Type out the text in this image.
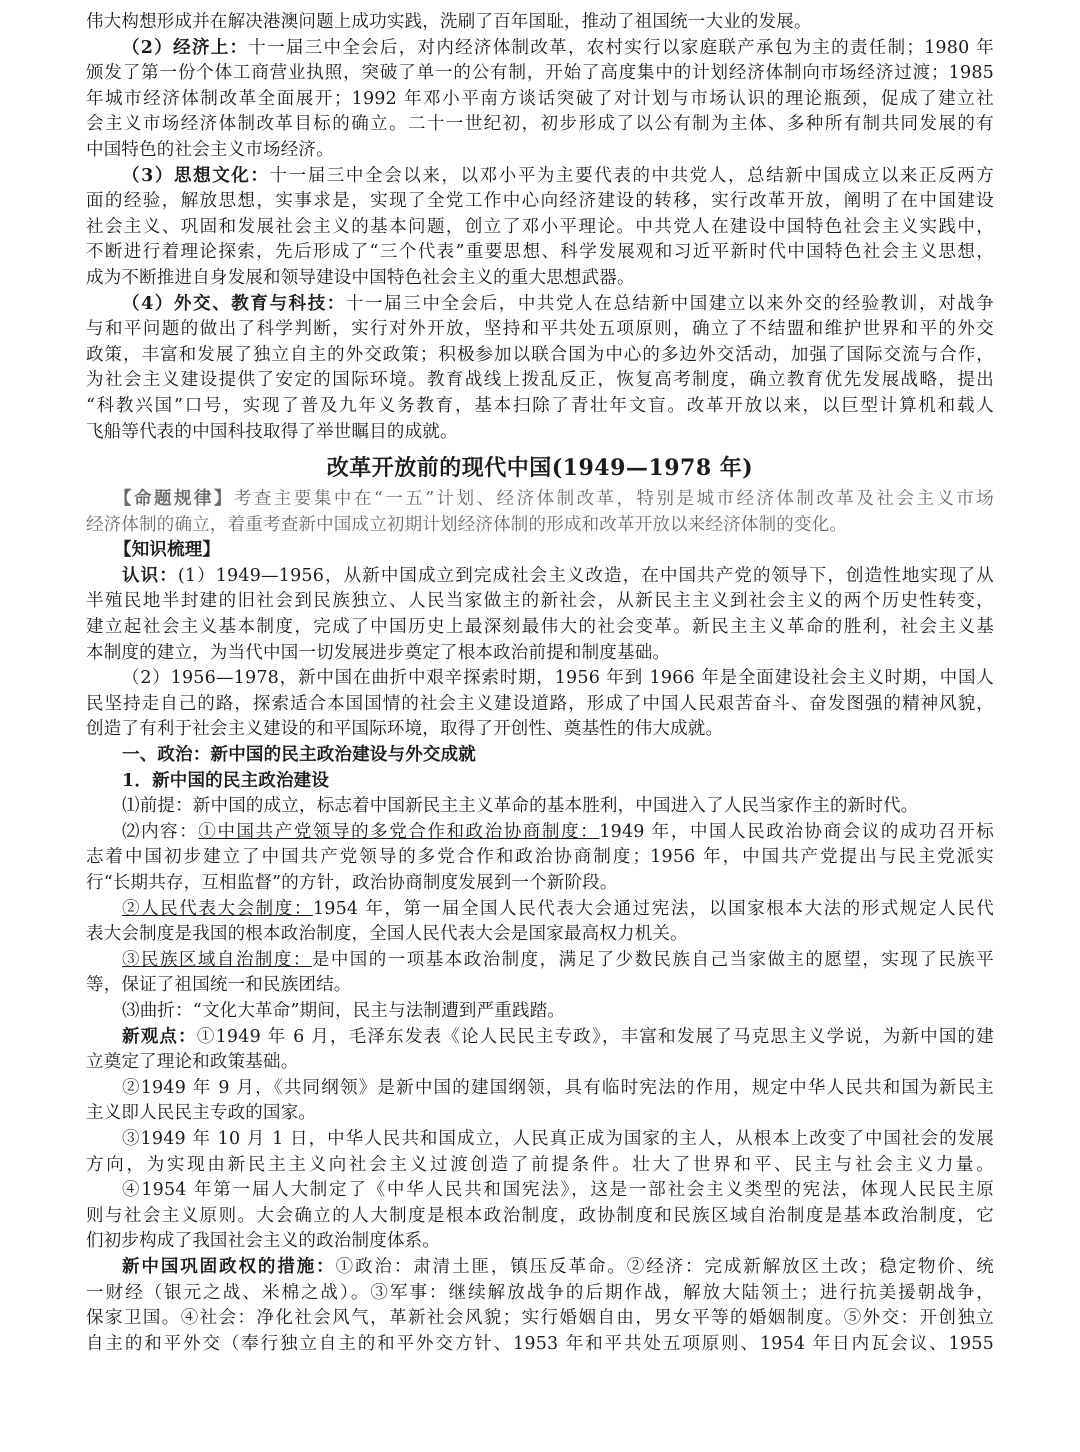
伟大构想形成并在解决港澳问题上成功实践，洗刷了百年国耻，推动了祖国统一大业的发展。
（2）经济上：十一届三中全会后，对内经济体制改革，农村实行以家庭联产承包为主的责任制；1980 年
颁发了第一份个体工商营业执照，突破了单一的公有制，开始了高度集中的计划经济体制向市场经济过渡；1985
年城市经济体制改革全面展开；1992 年邓小平南方谈话突破了对计划与市场认识的理论瓶颈，促成了建立社
会主义市场经济体制改革目标的确立。二十一世纪初，初步形成了以公有制为主体、多种所有制共同发展的有
中国特色的社会主义市场经济。
（3）思想文化：十一届三中全会以来，以邓小平为主要代表的中共党人，总结新中国成立以来正反两方
面的经验，解放思想，实事求是，实现了全党工作中心向经济建设的转移，实行改革开放，阐明了在中国建设
社会主义、巩固和发展社会主义的基本问题，创立了邓小平理论。中共党人在建设中国特色社会主义实践中，
不断进行着理论探索，先后形成了“三个代表”重要思想、科学发展观和习近平新时代中国特色社会主义思想，
成为不断推进自身发展和领导建设中国特色社会主义的重大思想武器。
（4）外交、教育与科技：十一届三中全会后，中共党人在总结新中国建立以来外交的经验教训，对战争
与和平问题的做出了科学判断，实行对外开放，坚持和平共处五项原则，确立了不结盟和维护世界和平的外交
政策，丰富和发展了独立自主的外交政策；积极参加以联合国为中心的多边外交活动，加强了国际交流与合作，
为社会主义建设提供了安定的国际环境。教育战线上拨乱反正，恢复高考制度，确立教育优先发展战略，提出
“科教兴国”口号，实现了普及九年义务教育，基本扫除了青壮年文盲。改革开放以来，以巨型计算机和载人
飞船等代表的中国科技取得了举世瞩目的成就。
改革开放前的现代中国(1949—1978 年)
【命题规律】考查主要集中在“一五”计划、经济体制改革，特别是城市经济体制改革及社会主义市场
经济体制的确立，着重考查新中国成立初期计划经济体制的形成和改革开放以来经济体制的变化。
【知识梳理】
认识：(1）1949—1956，从新中国成立到完成社会主义改造，在中国共产党的领导下，创造性地实现了从
半殖民地半封建的旧社会到民族独立、人民当家做主的新社会，从新民主主义到社会主义的两个历史性转变，
建立起社会主义基本制度，完成了中国历史上最深刻最伟大的社会变革。新民主主义革命的胜利，社会主义基
本制度的建立，为当代中国一切发展进步奠定了根本政治前提和制度基础。
（2）1956—1978，新中国在曲折中艰辛探索时期，1956 年到 1966 年是全面建设社会主义时期，中国人
民坚持走自己的路，探索适合本国国情的社会主义建设道路，形成了中国人民艰苦奋斗、奋发图强的精神风貌，
创造了有利于社会主义建设的和平国际环境，取得了开创性、奠基性的伟大成就。
一、政治：新中国的民主政治建设与外交成就
1．新中国的民主政治建设
⑴前提：新中国的成立，标志着中国新民主主义革命的基本胜利，中国进入了人民当家作主的新时代。
⑵内容：①中国共产党领导的多党合作和政治协商制度：1949 年，中国人民政治协商会议的成功召开标
志着中国初步建立了中国共产党领导的多党合作和政治协商制度；1956 年，中国共产党提出与民主党派实
行“长期共存，互相监督”的方针，政治协商制度发展到一个新阶段。
②人民代表大会制度：1954 年，第一届全国人民代表大会通过宪法，以国家根本大法的形式规定人民代
表大会制度是我国的根本政治制度，全国人民代表大会是国家最高权力机关。
③民族区域自治制度：是中国的一项基本政治制度，满足了少数民族自己当家做主的愿望，实现了民族平
等，保证了祖国统一和民族团结。
⑶曲折：“文化大革命”期间，民主与法制遭到严重践踏。
新观点：①1949 年 6 月，毛泽东发表《论人民民主专政》，丰富和发展了马克思主义学说，为新中国的建
立奠定了理论和政策基础。
②1949 年 9 月，《共同纲领》是新中国的建国纲领，具有临时宪法的作用，规定中华人民共和国为新民主
主义即人民民主专政的国家。
③1949 年 10 月 1 日，中华人民共和国成立，人民真正成为国家的主人，从根本上改变了中国社会的发展
方向，为实现由新民主主义向社会主义过渡创造了前提条件。壮大了世界和平、民主与社会主义力量。
④1954 年第一届人大制定了《中华人民共和国宪法》，这是一部社会主义类型的宪法，体现人民民主原
则与社会主义原则。大会确立的人大制度是根本政治制度，政协制度和民族区域自治制度是基本政治制度，它
们初步构成了我国社会主义的政治制度体系。
新中国巩固政权的措施：①政治：肃清土匪，镇压反革命。②经济：完成新解放区土改；稳定物价、统
一财经（银元之战、米棉之战）。③军事：继续解放战争的后期作战，解放大陆领土；进行抗美援朝战争，
保家卫国。④社会：净化社会风气，革新社会风貌；实行婚姻自由，男女平等的婚姻制度。⑤外交：开创独立
自主的和平外交（奉行独立自主的和平外交方针、1953 年和平共处五项原则、1954 年日内瓦会议、1955
